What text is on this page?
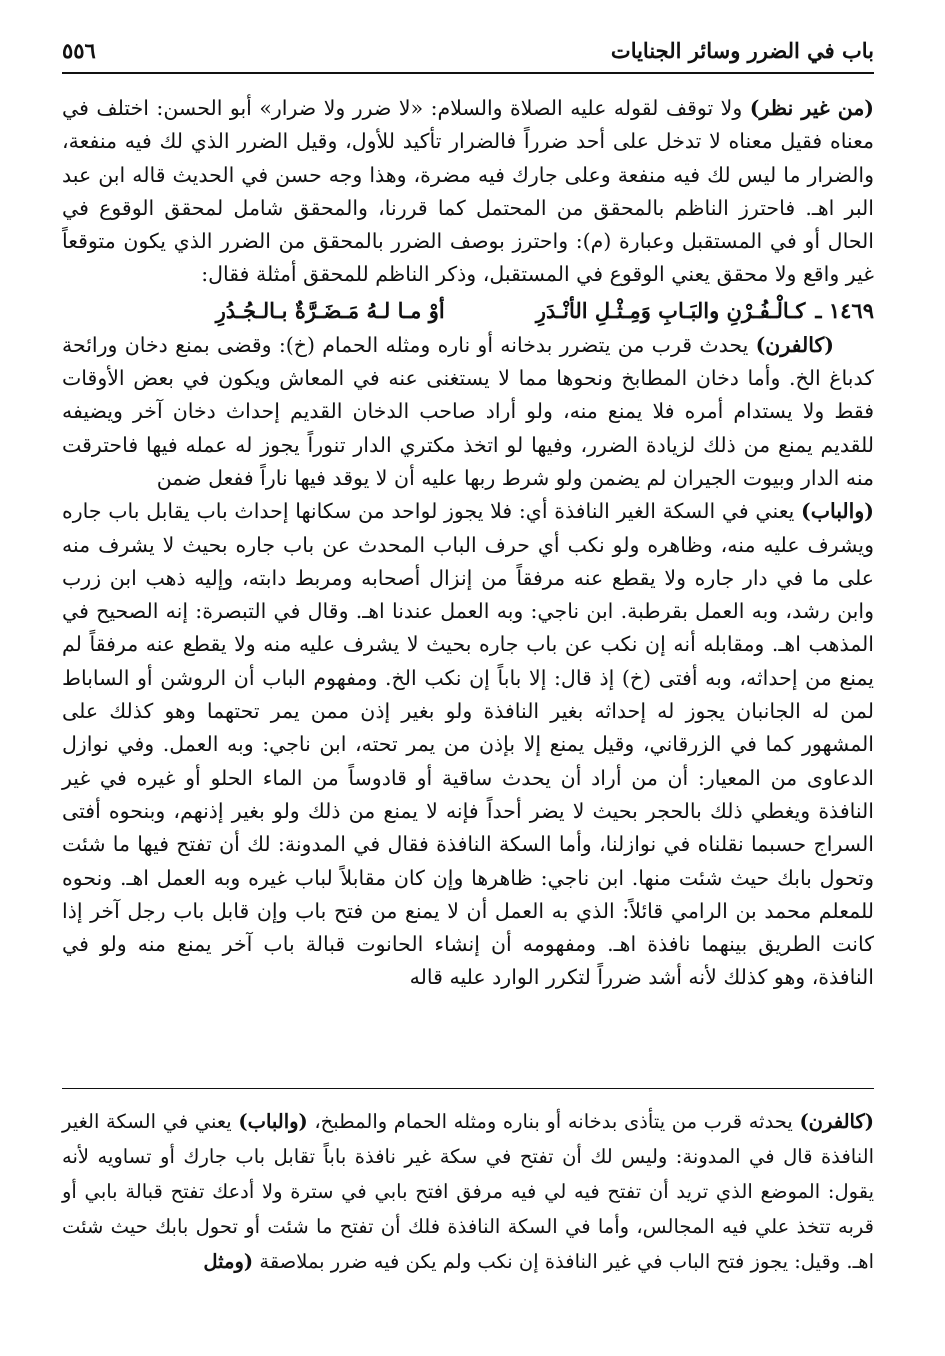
باب في الضرر وسائر الجنايات
٥٥٦

(من غير نظر) ولا توقف لقوله عليه الصلاة والسلام: «لا ضرر ولا ضرار» أبو الحسن: اختلف في معناه فقيل معناه لا تدخل على أحد ضرراً فالضرار تأكيد للأول، وقيل الضرر الذي لك فيه منفعة، والضرار ما ليس لك فيه منفعة وعلى جارك فيه مضرة، وهذا وجه حسن في الحديث قاله ابن عبد البر اهـ. فاحترز الناظم بالمحقق من المحتمل كما قررنا، والمحقق شامل لمحقق الوقوع في الحال أو في المستقبل وعبارة (م): واحترز بوصف الضرر بالمحقق من الضرر الذي يكون متوقعاً غير واقع ولا محقق يعني الوقوع في المستقبل، وذكر الناظم للمحقق أمثلة فقال:

١٤٦٩ ـ
كـالْـفُـرْنِ والبَـابِ وَمِـثْـلِ الأنْـدَرِ
أوْ مـا لـهُ مَـضَـرَّةٌ بـالـجُـدُرِ

(كالفرن) يحدث قرب من يتضرر بدخانه أو ناره ومثله الحمام (خ): وقضى بمنع دخان ورائحة كدباغ الخ. وأما دخان المطابخ ونحوها مما لا يستغنى عنه في المعاش ويكون في بعض الأوقات فقط ولا يستدام أمره فلا يمنع منه، ولو أراد صاحب الدخان القديم إحداث دخان آخر ويضيفه للقديم يمنع من ذلك لزيادة الضرر، وفيها لو اتخذ مكتري الدار تنوراً يجوز له عمله فيها فاحترقت منه الدار وبيوت الجيران لم يضمن ولو شرط ربها عليه أن لا يوقد فيها ناراً ففعل ضمن

(والباب) يعني في السكة الغير النافذة أي: فلا يجوز لواحد من سكانها إحداث باب يقابل باب جاره ويشرف عليه منه، وظاهره ولو نكب أي حرف الباب المحدث عن باب جاره بحيث لا يشرف منه على ما في دار جاره ولا يقطع عنه مرفقاً من إنزال أصحابه ومربط دابته، وإليه ذهب ابن زرب وابن رشد، وبه العمل بقرطبة. ابن ناجي: وبه العمل عندنا اهـ. وقال في التبصرة: إنه الصحيح في المذهب اهـ. ومقابله أنه إن نكب عن باب جاره بحيث لا يشرف عليه منه ولا يقطع عنه مرفقاً لم يمنع من إحداثه، وبه أفتى (خ) إذ قال: إلا باباً إن نكب الخ. ومفهوم الباب أن الروشن أو الساباط لمن له الجانبان يجوز له إحداثه بغير النافذة ولو بغير إذن ممن يمر تحتهما وهو كذلك على المشهور كما في الزرقاني، وقيل يمنع إلا بإذن من يمر تحته، ابن ناجي: وبه العمل. وفي نوازل الدعاوى من المعيار: أن من أراد أن يحدث ساقية أو قادوساً من الماء الحلو أو غيره في غير النافذة ويغطي ذلك بالحجر بحيث لا يضر أحداً فإنه لا يمنع من ذلك ولو بغير إذنهم، وبنحوه أفتى السراج حسبما نقلناه في نوازلنا، وأما السكة النافذة فقال في المدونة: لك أن تفتح فيها ما شئت وتحول بابك حيث شئت منها. ابن ناجي: ظاهرها وإن كان مقابلاً لباب غيره وبه العمل اهـ. ونحوه للمعلم محمد بن الرامي قائلاً: الذي به العمل أن لا يمنع من فتح باب وإن قابل باب رجل آخر إذا كانت الطريق بينهما نافذة اهـ. ومفهومه أن إنشاء الحانوت قبالة باب آخر يمنع منه ولو في النافذة، وهو كذلك لأنه أشد ضرراً لتكرر الوارد عليه قاله

(كالفرن) يحدثه قرب من يتأذى بدخانه أو بناره ومثله الحمام والمطبخ، (والباب) يعني في السكة الغير النافذة قال في المدونة: وليس لك أن تفتح في سكة غير نافذة باباً تقابل باب جارك أو تساويه لأنه يقول: الموضع الذي تريد أن تفتح فيه لي فيه مرفق افتح بابي في سترة ولا أدعك تفتح قبالة بابي أو قربه تتخذ علي فيه المجالس، وأما في السكة النافذة فلك أن تفتح ما شئت أو تحول بابك حيث شئت اهـ. وقيل: يجوز فتح الباب في غير النافذة إن نكب ولم يكن فيه ضرر بملاصقة (ومثل
